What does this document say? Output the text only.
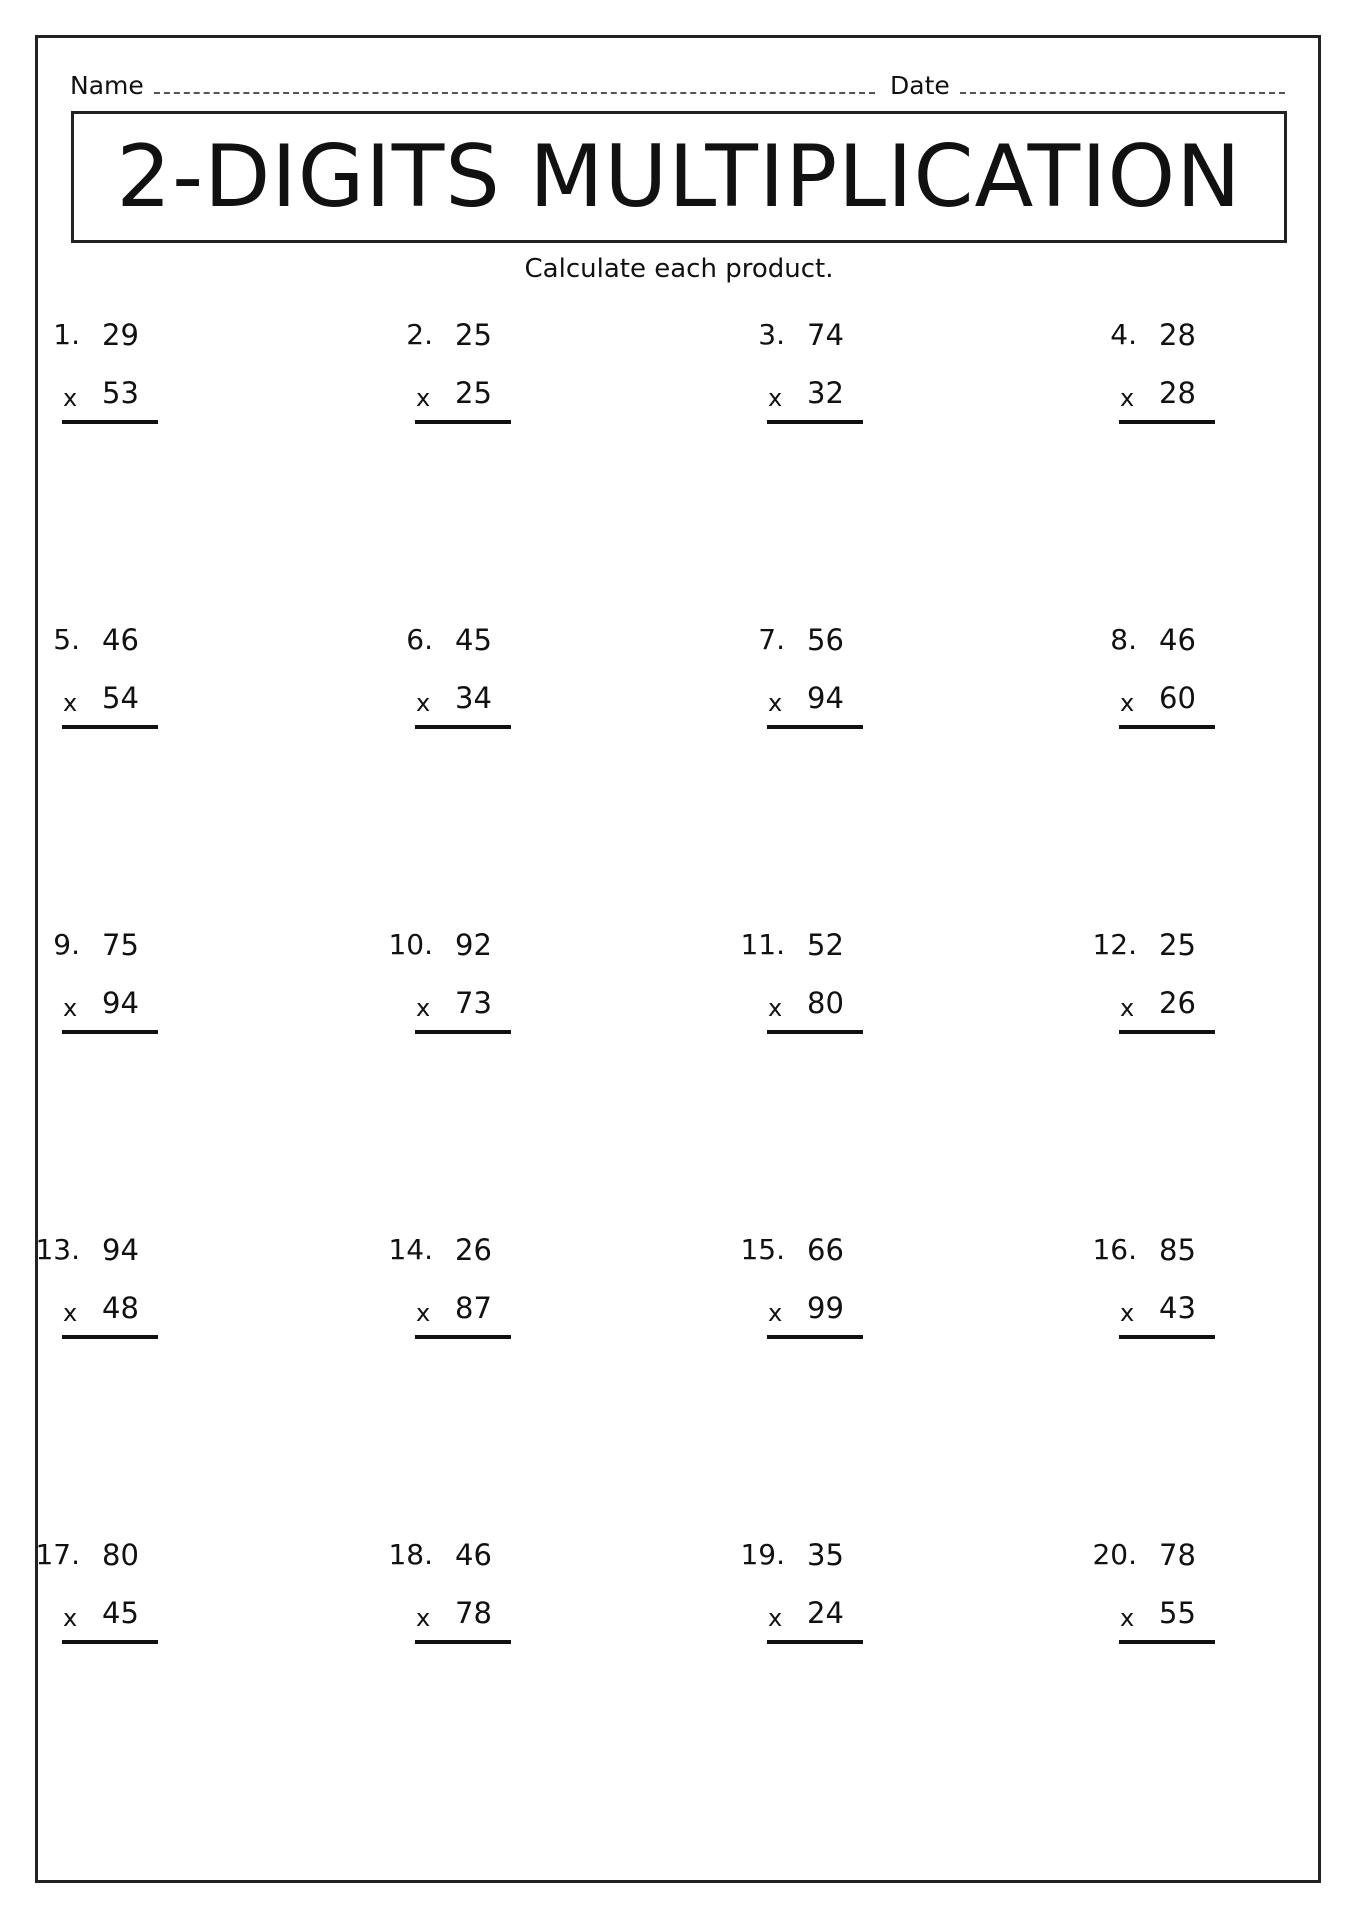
Name	Date
2-DIGITS MULTIPLICATION
Calculate each product.
1. 29
x 53
2. 25
x 25
3. 74
x 32
4. 28
x 28
5. 46
x 54
6. 45
x 34
7. 56
x 94
8. 46
x 60
9. 75
x 94
10. 92
x 73
11. 52
x 80
12. 25
x 26
13. 94
x 48
14. 26
x 87
15. 66
x 99
16. 85
x 43
17. 80
x 45
18. 46
x 78
19. 35
x 24
20. 78
x 55
